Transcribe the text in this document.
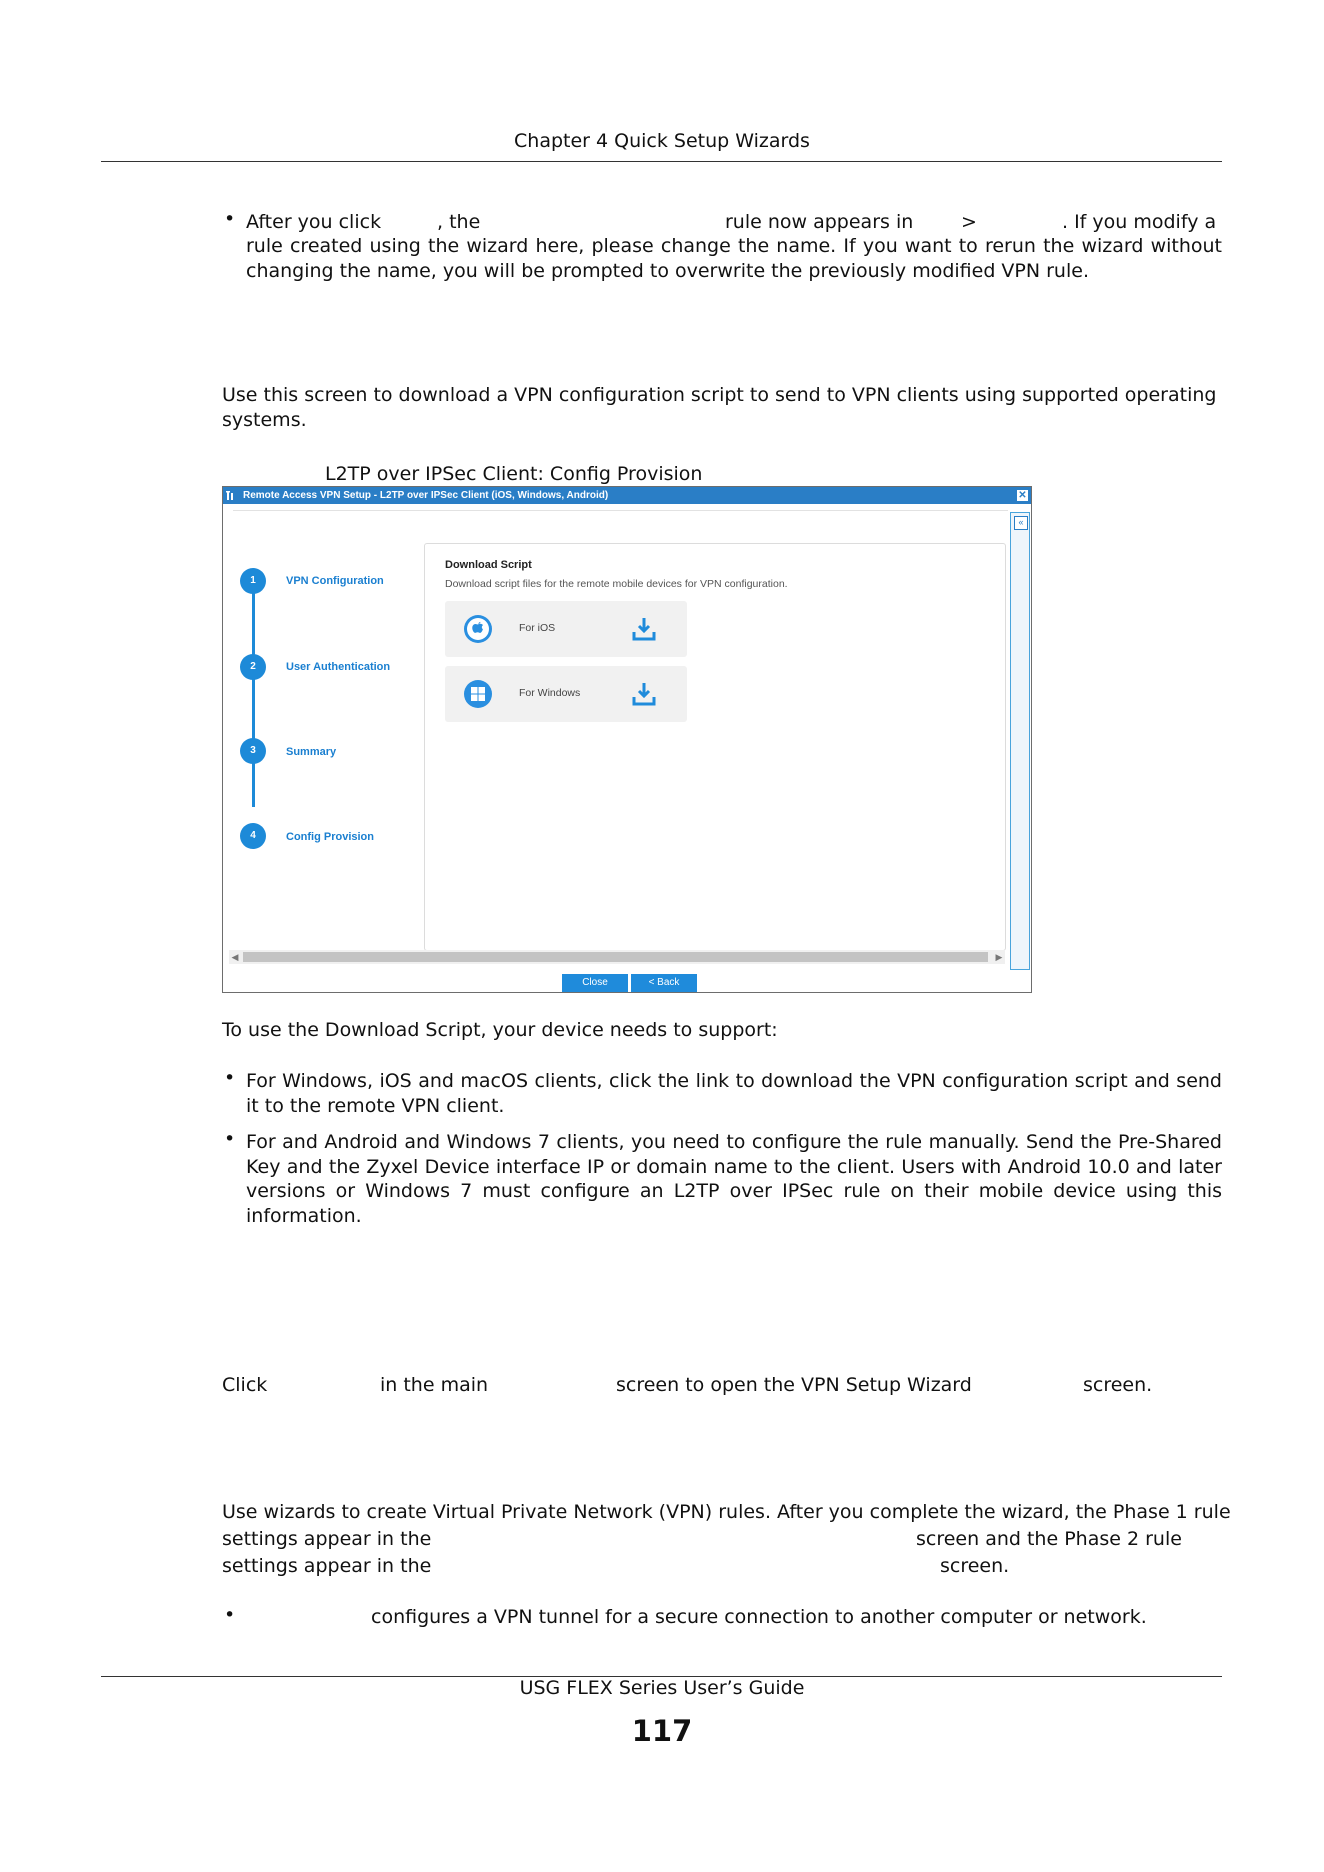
Chapter 4 Quick Setup Wizards
• After you click	, the	rule now appears in	>	. If you modify a
rule created using the wizard here, please change the name. If you want to rerun the wizard without changing the name, you will be prompted to overwrite the previously modified VPN rule.
Use this screen to download a VPN configuration script to send to VPN clients using supported operating systems.
L2TP over IPSec Client: Config Provision
Remote Access VPN Setup - L2TP over IPSec Client (iOS, Windows, Android)	✕
«
1	VPN Configuration
2	User Authentication
3	Summary
4	Config Provision
Download Script
Download script files for the remote mobile devices for VPN configuration.
For iOS
For Windows
◀	▶
Close	< Back
To use the Download Script, your device needs to support:
• For Windows, iOS and macOS clients, click the link to download the VPN configuration script and send it to the remote VPN client.
• For and Android and Windows 7 clients, you need to configure the rule manually. Send the Pre-Shared Key and the Zyxel Device interface IP or domain name to the client. Users with Android 10.0 and later versions or Windows 7 must configure an L2TP over IPSec rule on their mobile device using this information.
Click	in the main	screen to open the VPN Setup Wizard	screen.
Use wizards to create Virtual Private Network (VPN) rules. After you complete the wizard, the Phase 1 rule
settings appear in the	screen and the Phase 2 rule
settings appear in the	screen.
•	configures a VPN tunnel for a secure connection to another computer or network.
USG FLEX Series User’s Guide
117
